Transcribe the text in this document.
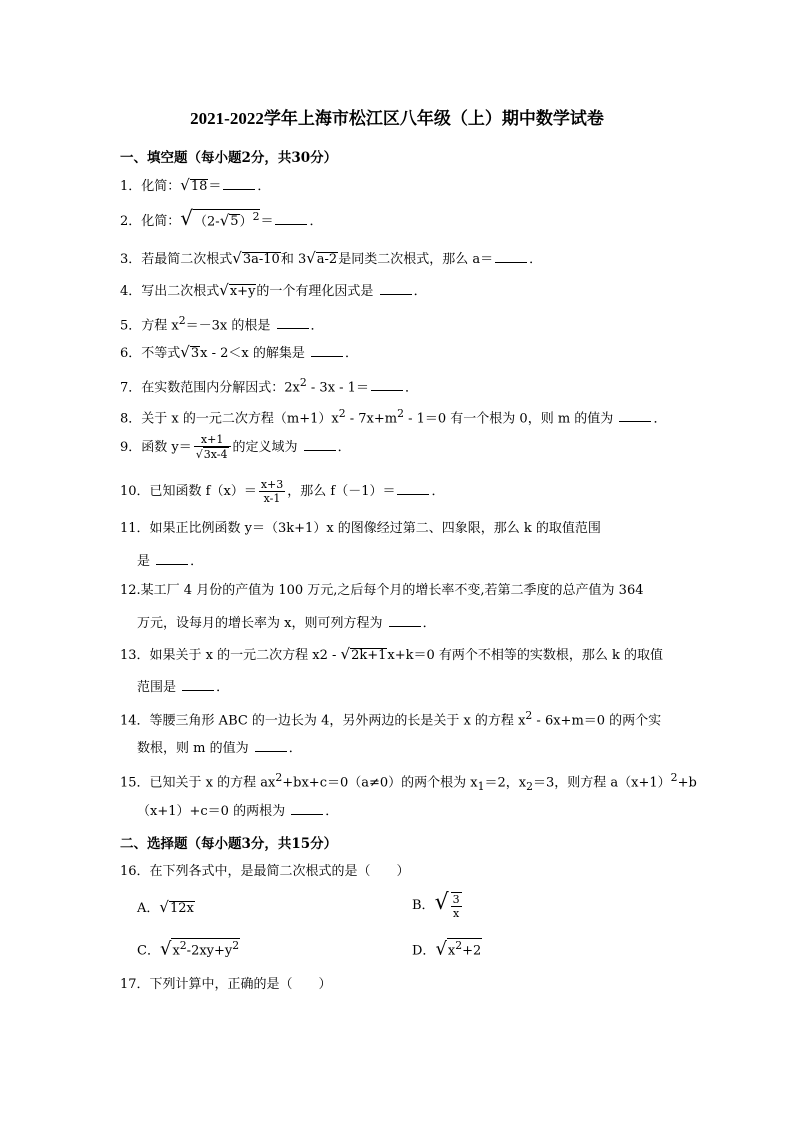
2021-2022学年上海市松江区八年级（上）期中数学试卷
一、填空题（每小题2分，共30分）
1．化简：√18＝	．
2．化简：$√(2-√5)^2=$	．
3．若最简二次根式√3a-10和 3√a-2是同类二次根式，那么 a＝	．
4．写出二次根式√x+y的一个有理化因式是	．
5．方程 $x^2=-3x$ 的根是	．
6．不等式√3x - 2＜x 的解集是	．
7．在实数范围内分解因式：$2x^2 - 3x - 1=$	．
8．关于 x 的一元二次方程$(m+1)x^2 - 7x+m^2 - 1=0$ 有一个根为 0，则 m 的值为	．
9．函数 $y= \frac{x+1}{√3x-4}$ 的定义域为	．
10．已知函数 $f(x)= \frac{x+3}{x-1}$ ，那么 f（－1）＝	．
11．如果正比例函数 y＝（3k+1）x 的图像经过第二、四象限，那么 k 的取值范围
是	．
12.某工厂 4 月份的产值为 100 万元,之后每个月的增长率不变,若第二季度的总产值为 364
万元，设每月的增长率为 x，则可列方程为	．
13．如果关于 x 的一元二次方程 x2 - √2k+1x+k＝0 有两个不相等的实数根，那么 k 的取值
范围是	．
14．等腰三角形 ABC 的一边长为 4，另外两边的长是关于 x 的方程 $x^2 - 6x+m=0$ 的两个实
数根，则 m 的值为	．
15．已知关于 x 的方程 $ax^2+bx+c=0(a\ne 0)$的两个根为 $x_1=2$，$x_2=3$，则方程 $a(x+1)^2+b$
（x+1）+c＝0 的两根为	．
二、选择题（每小题3分，共15分）
16．在下列各式中，是最简二次根式的是（　　）
A．√12x	B．√ $\frac{3}{x}$
C．$√x^2-2xy+y^2$	D．$√x^2+2$
17．下列计算中，正确的是（　　）
